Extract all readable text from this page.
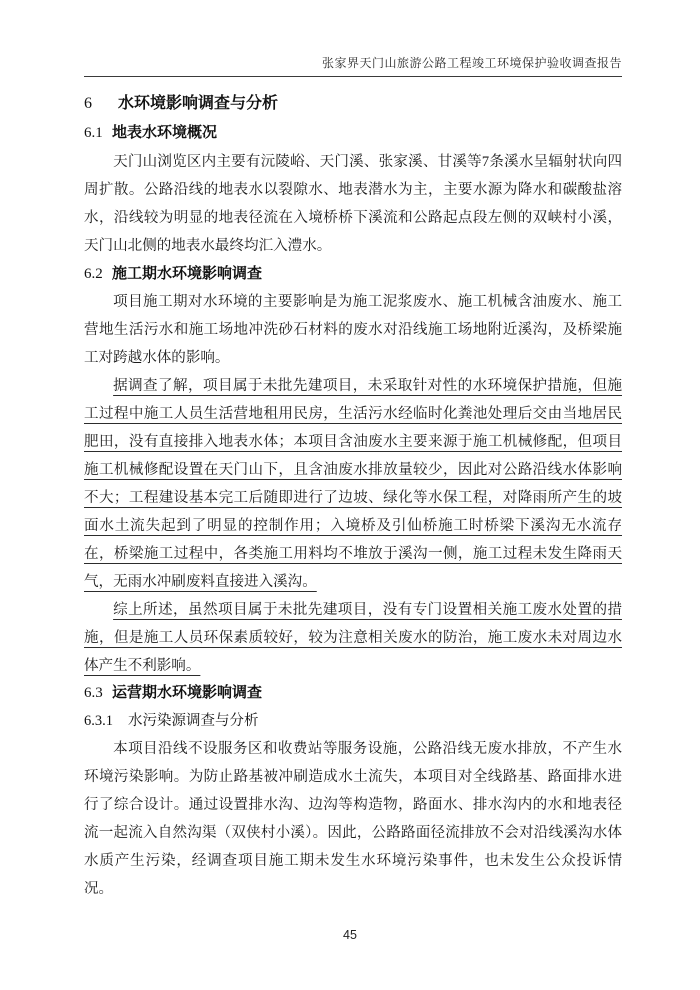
张家界天门山旅游公路工程竣工环境保护验收调查报告
6	水环境影响调查与分析
6.1 地表水环境概况

天门山浏览区内主要有沅陵峪、天门溪、张家溪、甘溪等7条溪水呈辐射状向四周扩散。公路沿线的地表水以裂隙水、地表潜水为主，主要水源为降水和碳酸盐溶水，沿线较为明显的地表径流在入境桥桥下溪流和公路起点段左侧的双峡村小溪，天门山北侧的地表水最终均汇入澧水。

6.2 施工期水环境影响调查

项目施工期对水环境的主要影响是为施工泥浆废水、施工机械含油废水、施工营地生活污水和施工场地冲洗砂石材料的废水对沿线施工场地附近溪沟，及桥梁施工对跨越水体的影响。

据调查了解，项目属于未批先建项目，未采取针对性的水环境保护措施，但施工过程中施工人员生活营地租用民房，生活污水经临时化粪池处理后交由当地居民肥田，没有直接排入地表水体；本项目含油废水主要来源于施工机械修配，但项目施工机械修配设置在天门山下，且含油废水排放量较少，因此对公路沿线水体影响不大；工程建设基本完工后随即进行了边坡、绿化等水保工程，对降雨所产生的坡面水土流失起到了明显的控制作用；入境桥及引仙桥施工时桥梁下溪沟无水流存在，桥梁施工过程中，各类施工用料均不堆放于溪沟一侧，施工过程未发生降雨天气，无雨水冲刷废料直接进入溪沟。

综上所述，虽然项目属于未批先建项目，没有专门设置相关施工废水处置的措施，但是施工人员环保素质较好，较为注意相关废水的防治，施工废水未对周边水体产生不利影响。

6.3 运营期水环境影响调查
6.3.1	水污染源调查与分析

本项目沿线不设服务区和收费站等服务设施，公路沿线无废水排放，不产生水环境污染影响。为防止路基被冲刷造成水土流失，本项目对全线路基、路面排水进行了综合设计。通过设置排水沟、边沟等构造物，路面水、排水沟内的水和地表径流一起流入自然沟渠（双侠村小溪）。因此，公路路面径流排放不会对沿线溪沟水体水质产生污染，经调查项目施工期未发生水环境污染事件，也未发生公众投诉情况。

45
